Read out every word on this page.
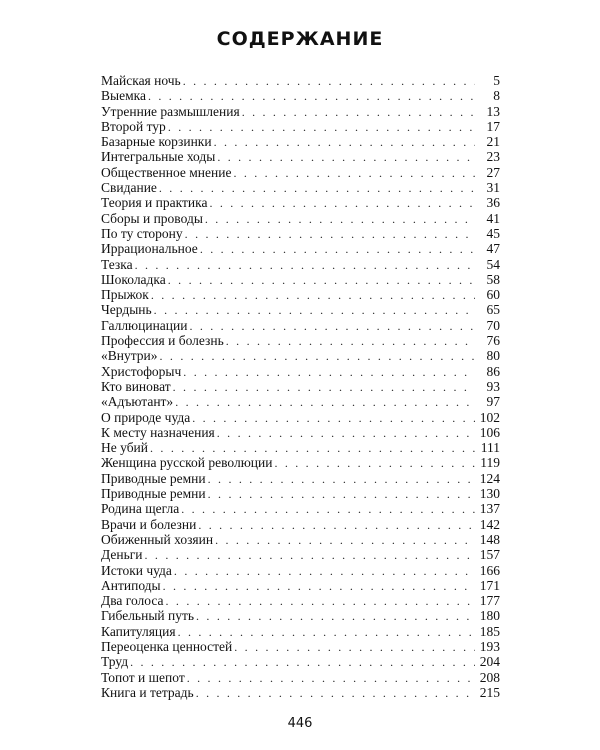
СОДЕРЖАНИЕ
Майская ночь . . .	5
Выемка . . .	8
Утренние размышления . . .	13
Второй тур . . .	17
Базарные корзинки . . .	21
Интегральные ходы . . .	23
Общественное мнение . . .	27
Свидание . . .	31
Теория и практика . . .	36
Сборы и проводы . . .	41
По ту сторону . . .	45
Иррациональное . . .	47
Тезка . . .	54
Шоколадка . . .	58
Прыжок . . .	60
Чердынь . . .	65
Галлюцинации . . .	70
Профессия и болезнь . . .	76
«Внутри» . . .	80
Христофорыч . . .	86
Кто виноват . . .	93
«Адъютант» . . .	97
О природе чуда . . .	102
К месту назначения . . .	106
Не убий . . .	111
Женщина русской революции . . .	119
Приводные ремни . . .	124
Приводные ремни . . .	130
Родина щегла . . .	137
Врачи и болезни . . .	142
Обиженный хозяин . . .	148
Деньги . . .	157
Истоки чуда . . .	166
Антиподы . . .	171
Два голоса . . .	177
Гибельный путь . . .	180
Капитуляция . . .	185
Переоценка ценностей . . .	193
Труд . . .	204
Топот и шепот . . .	208
Книга и тетрадь . . .	215
446
